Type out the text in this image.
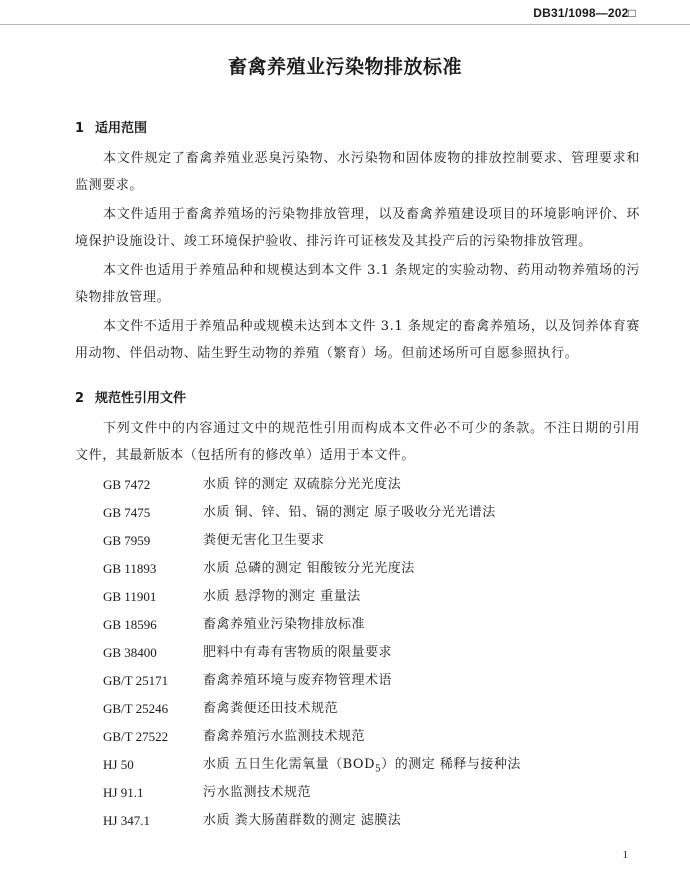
DB31/1098—202□
畜禽养殖业污染物排放标准
1 适用范围
本文件规定了畜禽养殖业恶臭污染物、水污染物和固体废物的排放控制要求、管理要求和监测要求。
本文件适用于畜禽养殖场的污染物排放管理，以及畜禽养殖建设项目的环境影响评价、环境保护设施设计、竣工环境保护验收、排污许可证核发及其投产后的污染物排放管理。
本文件也适用于养殖品种和规模达到本文件 3.1 条规定的实验动物、药用动物养殖场的污染物排放管理。
本文件不适用于养殖品种或规模未达到本文件 3.1 条规定的畜禽养殖场，以及饲养体育赛用动物、伴侣动物、陆生野生动物的养殖（繁育）场。但前述场所可自愿参照执行。
2 规范性引用文件
下列文件中的内容通过文中的规范性引用而构成本文件必不可少的条款。不注日期的引用文件，其最新版本（包括所有的修改单）适用于本文件。
GB 7472	水质 锌的测定 双硫腙分光光度法
GB 7475	水质 铜、锌、铅、镉的测定 原子吸收分光光谱法
GB 7959	粪便无害化卫生要求
GB 11893	水质 总磷的测定 钼酸铵分光光度法
GB 11901	水质 悬浮物的测定 重量法
GB 18596	畜禽养殖业污染物排放标准
GB 38400	肥料中有毒有害物质的限量要求
GB/T 25171	畜禽养殖环境与废弃物管理术语
GB/T 25246	畜禽粪便还田技术规范
GB/T 27522	畜禽养殖污水监测技术规范
HJ 50	水质 五日生化需氧量$(BOD_5)$的测定 稀释与接种法
HJ 91.1	污水监测技术规范
HJ 347.1	水质 粪大肠菌群数的测定 滤膜法
1
